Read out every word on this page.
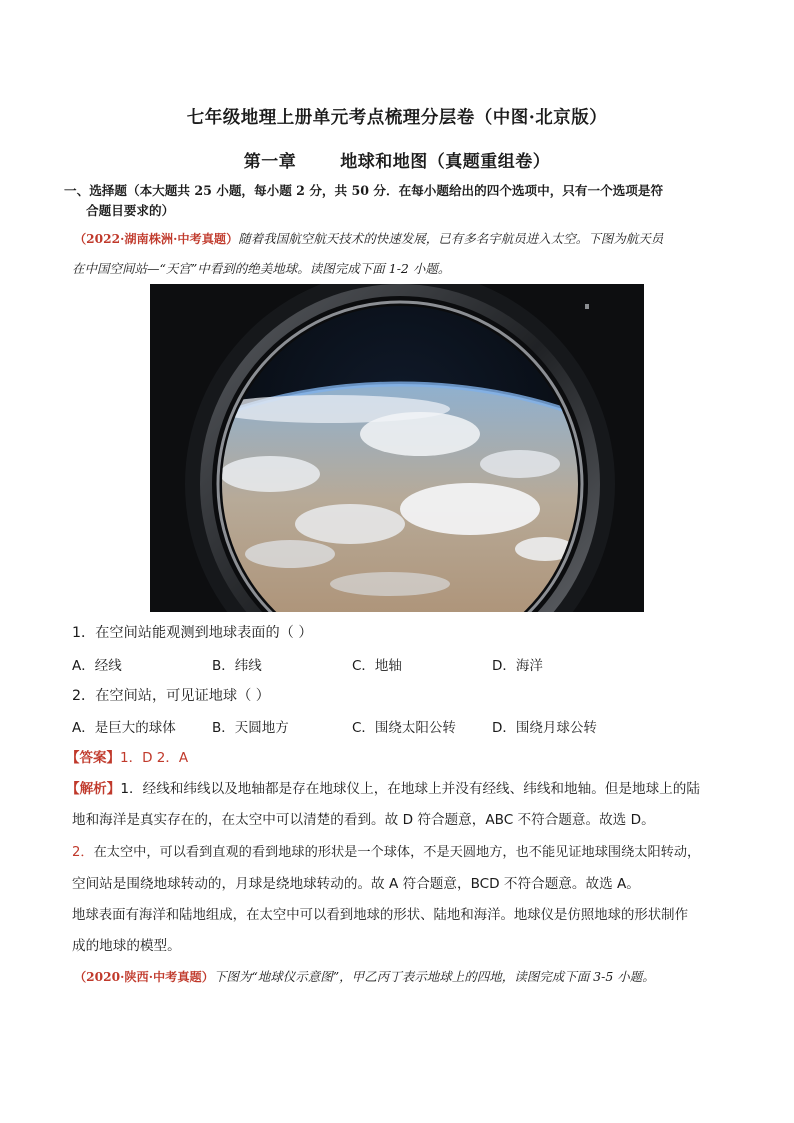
七年级地理上册单元考点梳理分层卷（中图·北京版）
第一章	地球和地图（真题重组卷）
一、选择题（本大题共 25 小题，每小题 2 分，共 50 分．在每小题给出的四个选项中，只有一个选项是符
合题目要求的）
（2022·湖南株洲·中考真题）随着我国航空航天技术的快速发展，已有多名宇航员进入太空。下图为航天员
在中国空间站—“天宫”中看到的绝美地球。读图完成下面 1-2 小题。
1．在空间站能观测到地球表面的（ ）
A．经线	B．纬线	C．地轴	D．海洋
2．在空间站，可见证地球（ ）
A．是巨大的球体	B．天圆地方	C．围绕太阳公转	D．围绕月球公转
【答案】1．D 2．A
【解析】1．经线和纬线以及地轴都是存在地球仪上，在地球上并没有经线、纬线和地轴。但是地球上的陆
地和海洋是真实存在的，在太空中可以清楚的看到。故 D 符合题意，ABC 不符合题意。故选 D。
2．在太空中，可以看到直观的看到地球的形状是一个球体，不是天圆地方，也不能见证地球围绕太阳转动，
空间站是围绕地球转动的，月球是绕地球转动的。故 A 符合题意，BCD 不符合题意。故选 A。
地球表面有海洋和陆地组成，在太空中可以看到地球的形状、陆地和海洋。地球仪是仿照地球的形状制作
成的地球的模型。
（2020·陕西·中考真题）下图为“地球仪示意图”，甲乙丙丁表示地球上的四地，读图完成下面 3-5 小题。
